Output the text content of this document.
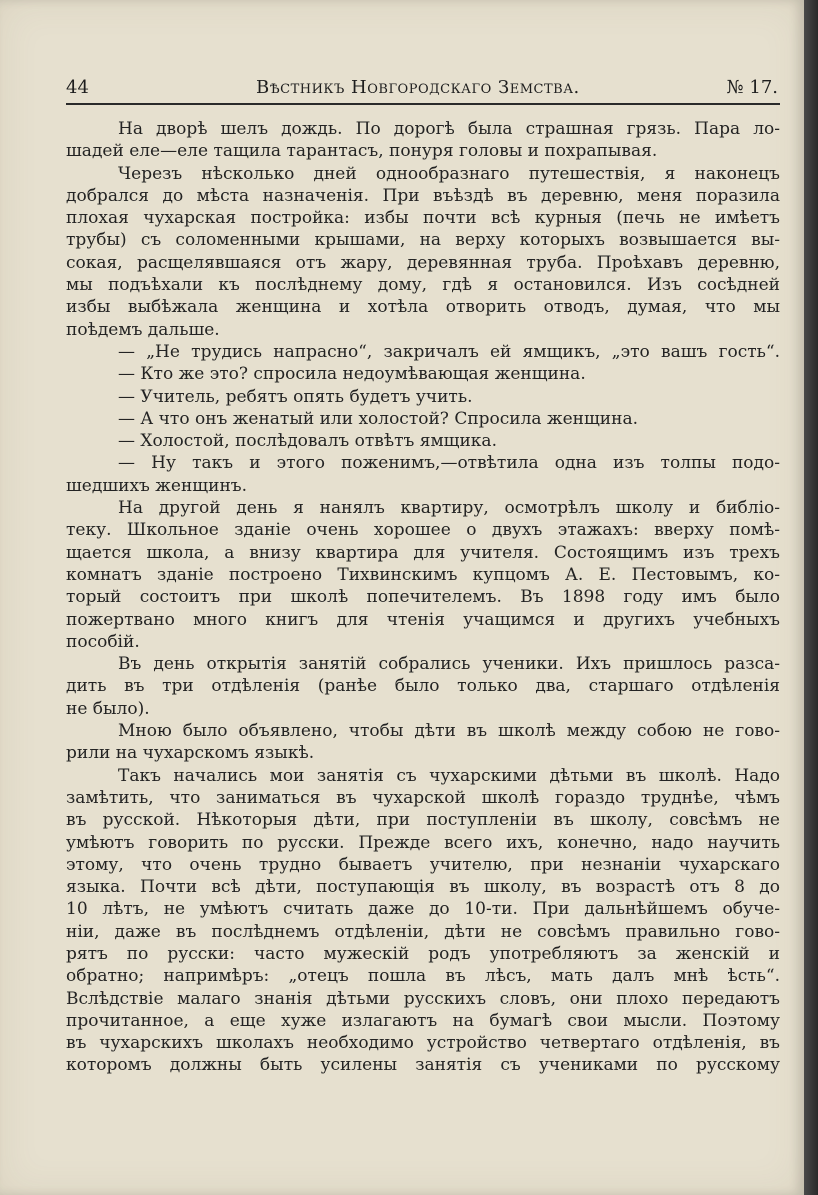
44	Вѣстникъ Новгородскаго Земства.	№ 17.
На дворѣ шелъ дождь. По дорогѣ была страшная грязь. Пара ло-
шадей еле—еле тащила тарантасъ, понуря головы и похрапывая.
Черезъ нѣсколько дней однообразнаго путешествія, я наконецъ
добрался до мѣста назначенія. При въѣздѣ въ деревню, меня поразила
плохая чухарская постройка: избы почти всѣ курныя (печь не имѣетъ
трубы) съ соломенными крышами, на верху которыхъ возвышается вы-
сокая, расщелявшаяся отъ жару, деревянная труба. Проѣхавъ деревню,
мы подъѣхали къ послѣднему дому, гдѣ я остановился. Изъ сосѣдней
избы выбѣжала женщина и хотѣла отворить отводъ, думая, что мы
поѣдемъ дальше.
— „Не трудись напрасно“, закричалъ ей ямщикъ, „это вашъ гость“.
— Кто же это? спросила недоумѣвающая женщина.
— Учитель, ребятъ опять будетъ учить.
— А что онъ женатый или холостой? Спросила женщина.
— Холостой, послѣдовалъ отвѣтъ ямщика.
— Ну такъ и этого поженимъ,—отвѣтила одна изъ толпы подо-
шедшихъ женщинъ.
На другой день я нанялъ квартиру, осмотрѣлъ школу и библіо-
теку. Школьное зданіе очень хорошее о двухъ этажахъ: вверху помѣ-
щается школа, а внизу квартира для учителя. Состоящимъ изъ трехъ
комнатъ зданіе построено Тихвинскимъ купцомъ А. Е. Пестовымъ, ко-
торый состоитъ при школѣ попечителемъ. Въ 1898 году имъ было
пожертвано много книгъ для чтенія учащимся и другихъ учебныхъ
пособій.
Въ день открытія занятій собрались ученики. Ихъ пришлось разса-
дить въ три отдѣленія (ранѣе было только два, старшаго отдѣленія
не было).
Мною было объявлено, чтобы дѣти въ школѣ между собою не гово-
рили на чухарскомъ языкѣ.
Такъ начались мои занятія съ чухарскими дѣтьми въ школѣ. Надо
замѣтить, что заниматься въ чухарской школѣ гораздо труднѣе, чѣмъ
въ русской. Нѣкоторыя дѣти, при поступленіи въ школу, совсѣмъ не
умѣютъ говорить по русски. Прежде всего ихъ, конечно, надо научить
этому, что очень трудно бываетъ учителю, при незнаніи чухарскаго
языка. Почти всѣ дѣти, поступающія въ школу, въ возрастѣ отъ 8 до
10 лѣтъ, не умѣютъ считать даже до 10-ти. При дальнѣйшемъ обуче-
ніи, даже въ послѣднемъ отдѣленіи, дѣти не совсѣмъ правильно гово-
рятъ по русски: часто мужескій родъ употребляютъ за женскій и
обратно; напримѣръ: „отецъ пошла въ лѣсъ, мать далъ мнѣ ѣсть“.
Вслѣдствіе малаго знанія дѣтьми русскихъ словъ, они плохо передаютъ
прочитанное, а еще хуже излагаютъ на бумагѣ свои мысли. Поэтому
въ чухарскихъ школахъ необходимо устройство четвертаго отдѣленія, въ
которомъ должны быть усилены занятія съ учениками по русскому
